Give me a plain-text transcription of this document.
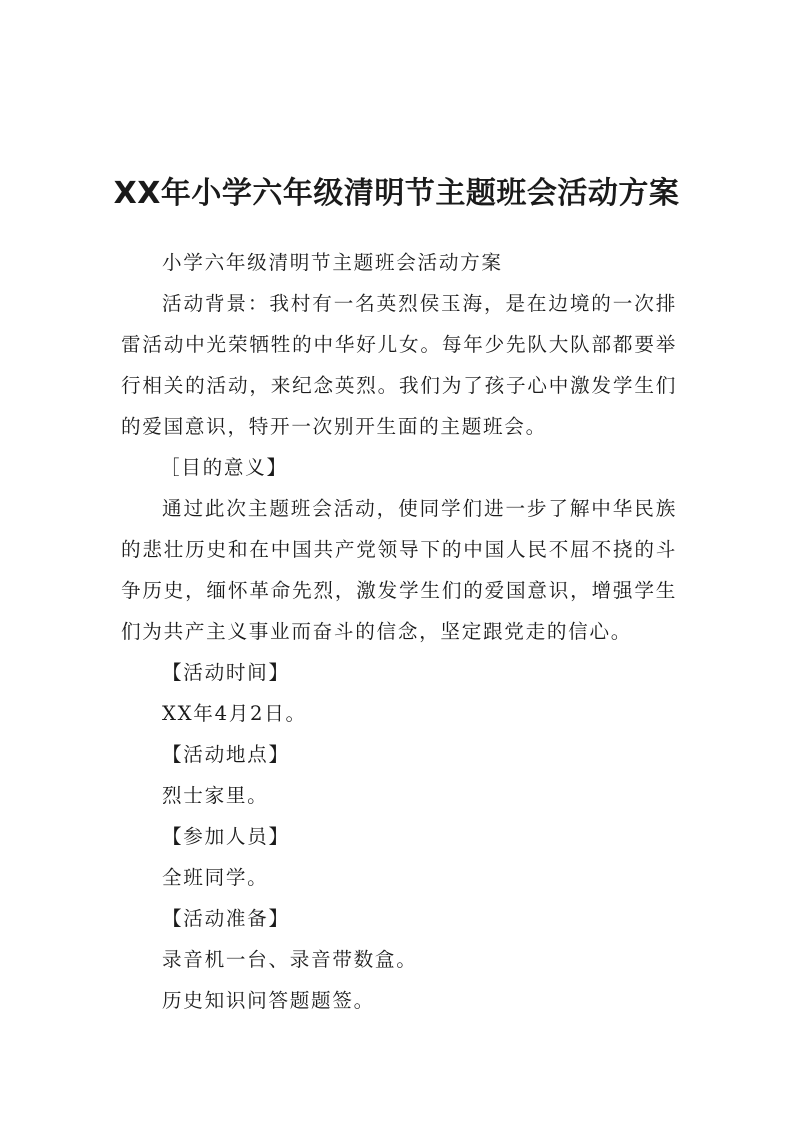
XX年小学六年级清明节主题班会活动方案

小学六年级清明节主题班会活动方案

活动背景：我村有一名英烈侯玉海，是在边境的一次排雷活动中光荣牺牲的中华好儿女。每年少先队大队部都要举行相关的活动，来纪念英烈。我们为了孩子心中激发学生们的爱国意识，特开一次别开生面的主题班会。

［目的意义】

通过此次主题班会活动，使同学们进一步了解中华民族的悲壮历史和在中国共产党领导下的中国人民不屈不挠的斗争历史，缅怀革命先烈，激发学生们的爱国意识，增强学生们为共产主义事业而奋斗的信念，坚定跟党走的信心。

【活动时间】

XX年4月2日。

【活动地点】

烈士家里。

【参加人员】

全班同学。

【活动准备】

录音机一台、录音带数盒。

历史知识问答题题签。
